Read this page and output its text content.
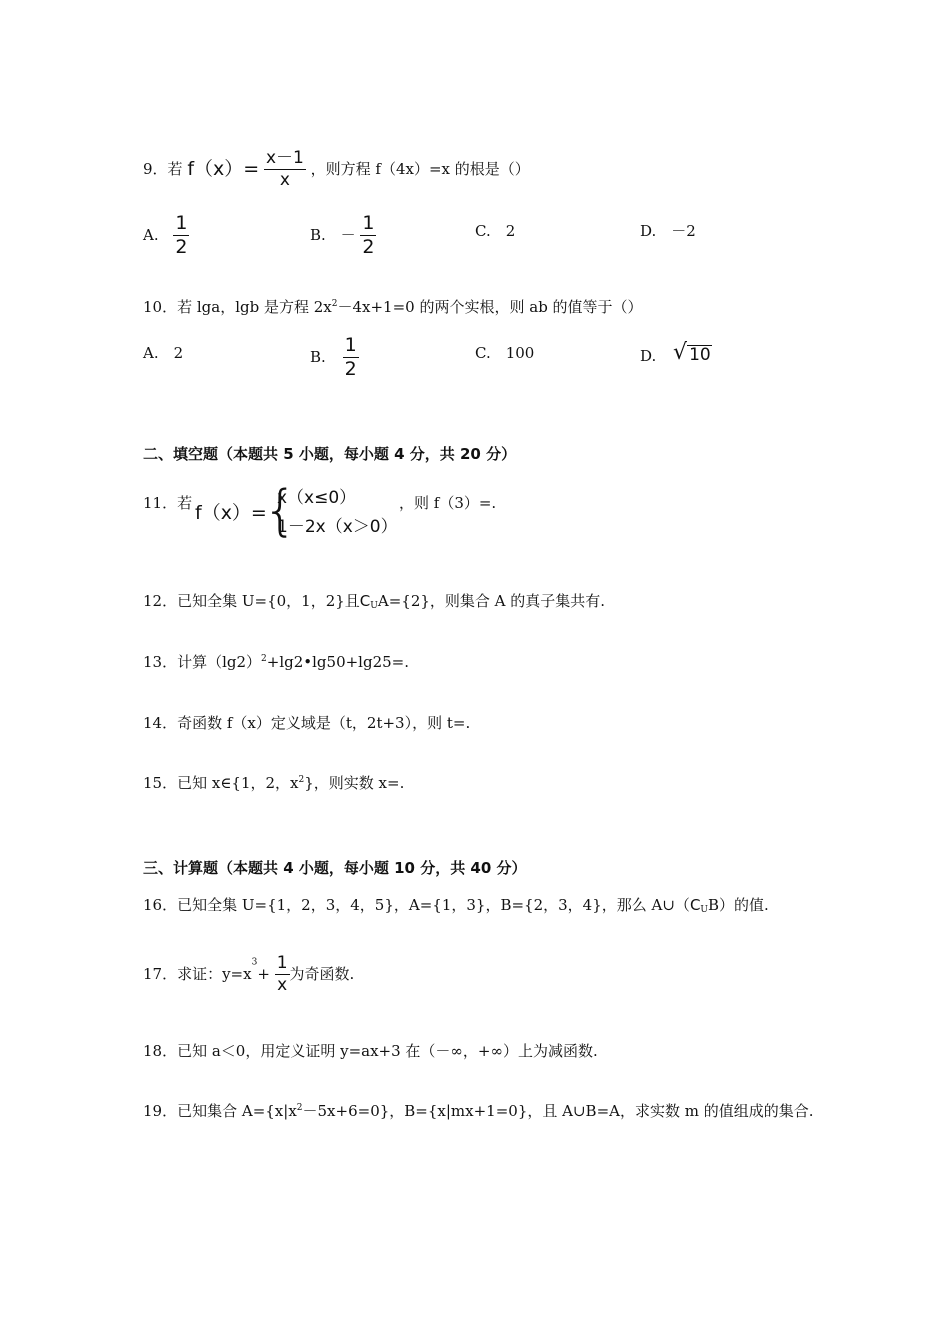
9．若 $f(x)= \frac{x-1}{x}$ ，则方程 f（4x）=x 的根是（）
A. $\frac{1}{2}$	B. － $\frac{1}{2}$	C.　2	D.　－2
10．若 lga，lgb 是方程 $2x^2-4x+1=0$ 的两个实根，则 ab 的值等于（）
A.　2	B. $\frac{1}{2}$	C.　100	D. √ 10
二、填空题（本题共 5 小题，每小题 4 分，共 20 分）
11．若 f（x）=
{
x（x≤0）
1－2x（x＞0）
，则 f（3）=.
12．已知全集 U={0，1，2}且$C_UA=\{2\}$，则集合 A 的真子集共有.
13．计算$(\lg 2)^2+\lg 2•\lg 50+\lg 25=$.
14．奇函数 f（x）定义域是（t，2t+3），则 t=.
15．已知 x∈{1，2，$x^2$}，则实数 x=.
三、计算题（本题共 4 小题，每小题 10 分，共 40 分）
16．已知全集 U={1，2，3，4，5}，A={1，3}，B={2，3，4}，那么 $A\cup(C_UB)$的值.
17．求证：$y=x^3+ \frac{1}{x}$ 为奇函数.
18．已知 a＜0，用定义证明 y=ax+3 在（－∞，+∞）上为减函数.
19．已知集合 $A=\{x|x^2-5x+6=0\}$，B={x|mx+1=0}，且 A∪B=A，求实数 m 的值组成的集合.
